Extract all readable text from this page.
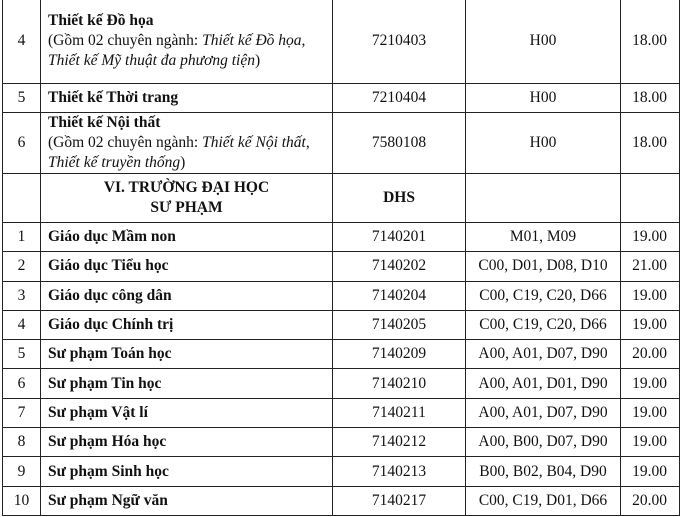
4	Thiết kế Đồ họa
(Gồm 02 chuyên ngành: Thiết kế Đồ họa, Thiết kế Mỹ thuật đa phương tiện)	7210403	H00	18.00
5	Thiết kế Thời trang	7210404	H00	18.00
6	Thiết kế Nội thất
(Gồm 02 chuyên ngành: Thiết kế Nội thất, Thiết kế truyền thống)	7580108	H00	18.00

	VI. TRƯỜNG ĐẠI HỌC
SƯ PHẠM	DHS		
1	Giáo dục Mầm non	7140201	M01, M09	19.00
2	Giáo dục Tiểu học	7140202	C00, D01, D08, D10	21.00
3	Giáo dục công dân	7140204	C00, C19, C20, D66	19.00
4	Giáo dục Chính trị	7140205	C00, C19, C20, D66	19.00
5	Sư phạm Toán học	7140209	A00, A01, D07, D90	20.00
6	Sư phạm Tin học	7140210	A00, A01, D01, D90	19.00
7	Sư phạm Vật lí	7140211	A00, A01, D07, D90	19.00
8	Sư phạm Hóa học	7140212	A00, B00, D07, D90	19.00
9	Sư phạm Sinh học	7140213	B00, B02, B04, D90	19.00
10	Sư phạm Ngữ văn	7140217	C00, C19, D01, D66	20.00
